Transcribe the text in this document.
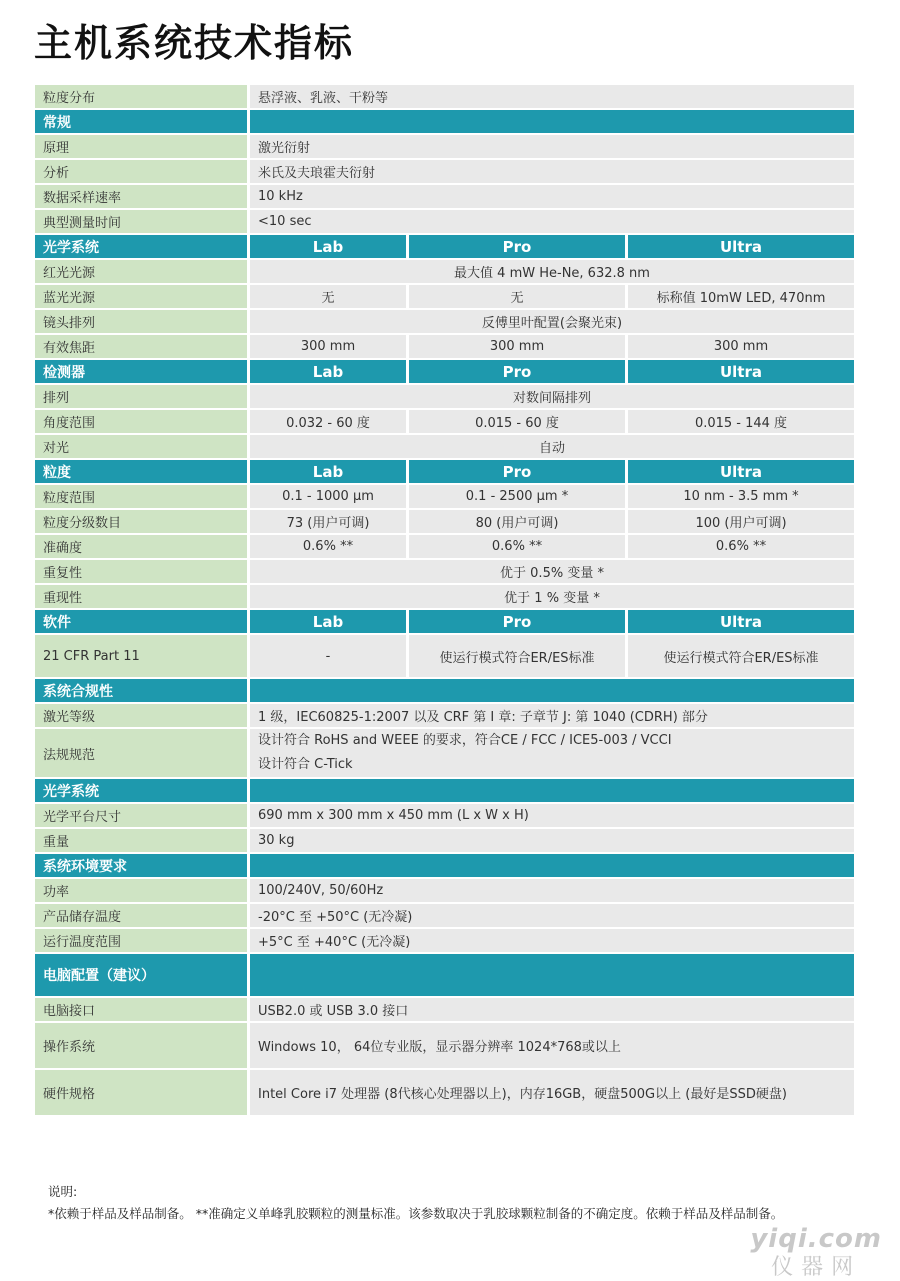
主机系统技术指标
粒度分布	悬浮液、乳液、干粉等		
常规			
原理	激光衍射		
分析	米氏及夫琅霍夫衍射		
数据采样速率	10 kHz		
典型测量时间	<10 sec		
光学系统	Lab	Pro	Ultra
红光光源	最大值 4 mW He-Ne, 632.8 nm		
蓝光光源	无	无	标称值 10mW LED, 470nm
镜头排列	反傅里叶配置(会聚光束)		
有效焦距	300 mm	300 mm	300 mm
检测器	Lab	Pro	Ultra
排列	对数间隔排列		
角度范围	0.032 - 60 度	0.015 - 60 度	0.015 - 144 度
对光	自动		
粒度	Lab	Pro	Ultra
粒度范围	0.1 - 1000 µm	0.1 - 2500 µm *	10 nm - 3.5 mm *
粒度分级数目	73 (用户可调)	80 (用户可调)	100 (用户可调)
准确度	0.6% **	0.6% **	0.6% **
重复性	优于 0.5% 变量 *		
重现性	优于 1 % 变量 *		
软件	Lab	Pro	Ultra
21 CFR Part 11	-	使运行模式符合ER/ES标准	使运行模式符合ER/ES标准
系统合规性			
激光等级	1 级，IEC60825-1:2007 以及 CRF 第 I 章: 子章节 J: 第 1040 (CDRH) 部分		
法规规范	设计符合 RoHS and WEEE 的要求，符合CE / FCC / ICE5-003 / VCCI
设计符合 C-Tick		

光学系统			
光学平台尺寸	690 mm x 300 mm x 450 mm (L x W x H)		
重量	30 kg		
系统环境要求			
功率	100/240V, 50/60Hz		
产品储存温度	-20°C 至 +50°C (无冷凝)		
运行温度范围	+5°C 至 +40°C (无冷凝)		
电脑配置（建议）			
电脑接口	USB2.0 或 USB 3.0 接口		
操作系统	Windows 10， 64位专业版，显示器分辨率 1024*768或以上		
硬件规格	Intel Core i7 处理器 (8代核心处理器以上)，内存16GB，硬盘500G以上 (最好是SSD硬盘)		
说明:
*依赖于样品及样品制备。 **准确定义单峰乳胶颗粒的测量标准。该参数取决于乳胶球颗粒制备的不确定度。依赖于样品及样品制备。
yiqi.com
仪器网
